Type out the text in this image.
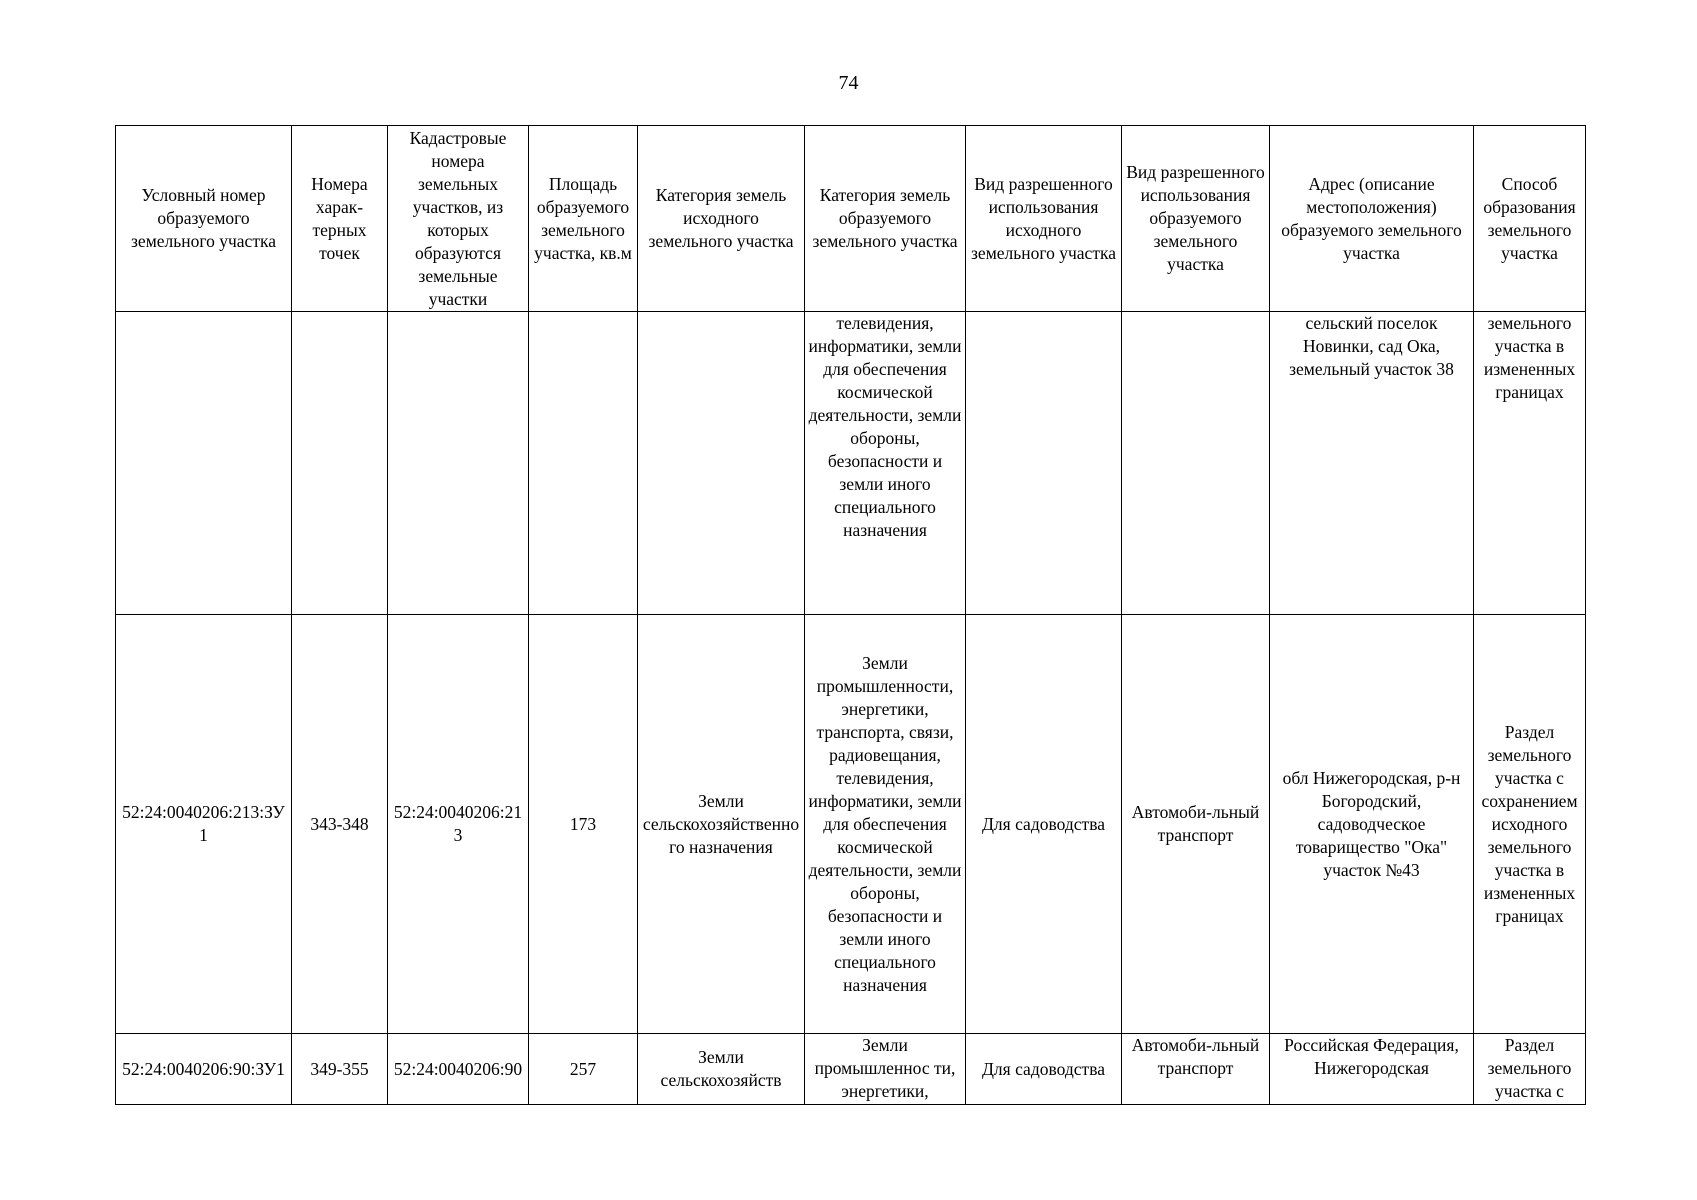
74
Условный номер образуемого земельного участка	Номера харак-терных точек	Кадастровые номера земельных участков, из которых образуются земельные участки	Площадь образуемого земельного участка, кв.м	Категория земель исходного земельного участка	Категория земель образуемого земельного участка	Вид разрешенного использования исходного земельного участка	Вид разрешенного использования образуемого земельного участка	Адрес (описание местоположения) образуемого земельного участка	Способ образования земельного участка
					телевидения, информатики, земли для обеспечения космической деятельности, земли обороны, безопасности и земли иного специального назначения			сельский поселок Новинки, сад Ока, земельный участок 38	земельного участка в измененных границах
52:24:0040206:213:ЗУ1	343-348	52:24:0040206:213	173	Земли сельскохозяйственного назначения	Земли промышленности, энергетики, транспорта, связи, радиовещания, телевидения, информатики, земли для обеспечения космической деятельности, земли обороны, безопасности и земли иного специального назначения	Для садоводства	Автомоби-льный транспорт	обл Нижегородская, р-н Богородский, садоводческое товарищество "Ока" участок №43	Раздел земельного участка с сохранением исходного земельного участка в измененных границах
52:24:0040206:90:ЗУ1	349-355	52:24:0040206:90	257	Земли сельскохозяйств	Земли промышленнос ти, энергетики,	Для садоводства	Автомоби-льный транспорт	Российская Федерация, Нижегородская	Раздел земельного участка с
